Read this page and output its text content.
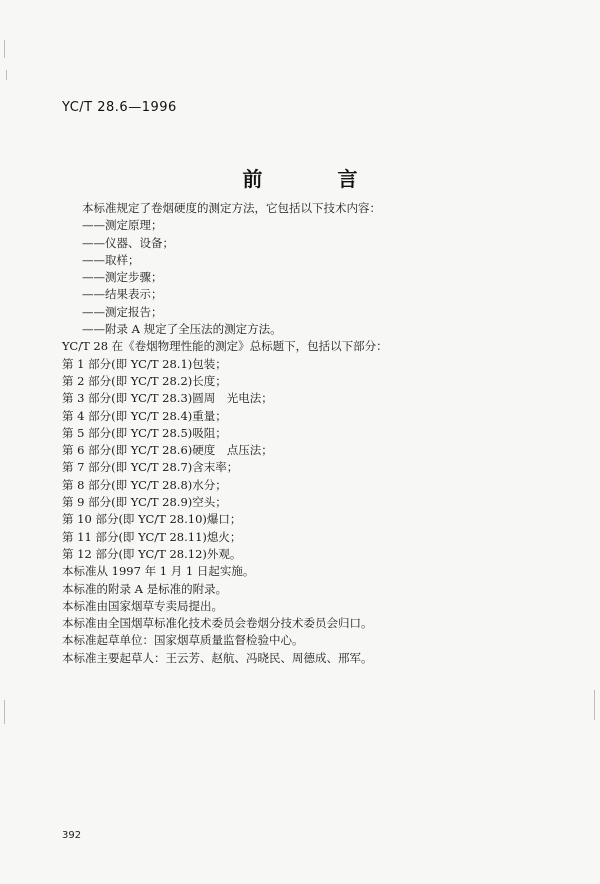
YC/T 28.6—1996
前 言
本标准规定了卷烟硬度的测定方法，它包括以下技术内容：
——测定原理；
——仪器、设备；
——取样；
——测定步骤；
——结果表示；
——测定报告；
——附录 A 规定了全压法的测定方法。
YC/T 28 在《卷烟物理性能的测定》总标题下，包括以下部分：
第 1 部分(即 YC/T 28.1)包装；
第 2 部分(即 YC/T 28.2)长度；
第 3 部分(即 YC/T 28.3)圆周　光电法；
第 4 部分(即 YC/T 28.4)重量；
第 5 部分(即 YC/T 28.5)吸阻；
第 6 部分(即 YC/T 28.6)硬度　点压法；
第 7 部分(即 YC/T 28.7)含末率；
第 8 部分(即 YC/T 28.8)水分；
第 9 部分(即 YC/T 28.9)空头；
第 10 部分(即 YC/T 28.10)爆口；
第 11 部分(即 YC/T 28.11)熄火；
第 12 部分(即 YC/T 28.12)外观。
本标准从 1997 年 1 月 1 日起实施。
本标准的附录 A 是标准的附录。
本标准由国家烟草专卖局提出。
本标准由全国烟草标准化技术委员会卷烟分技术委员会归口。
本标准起草单位：国家烟草质量监督检验中心。
本标准主要起草人：王云芳、赵航、冯晓民、周德成、邢军。
392
